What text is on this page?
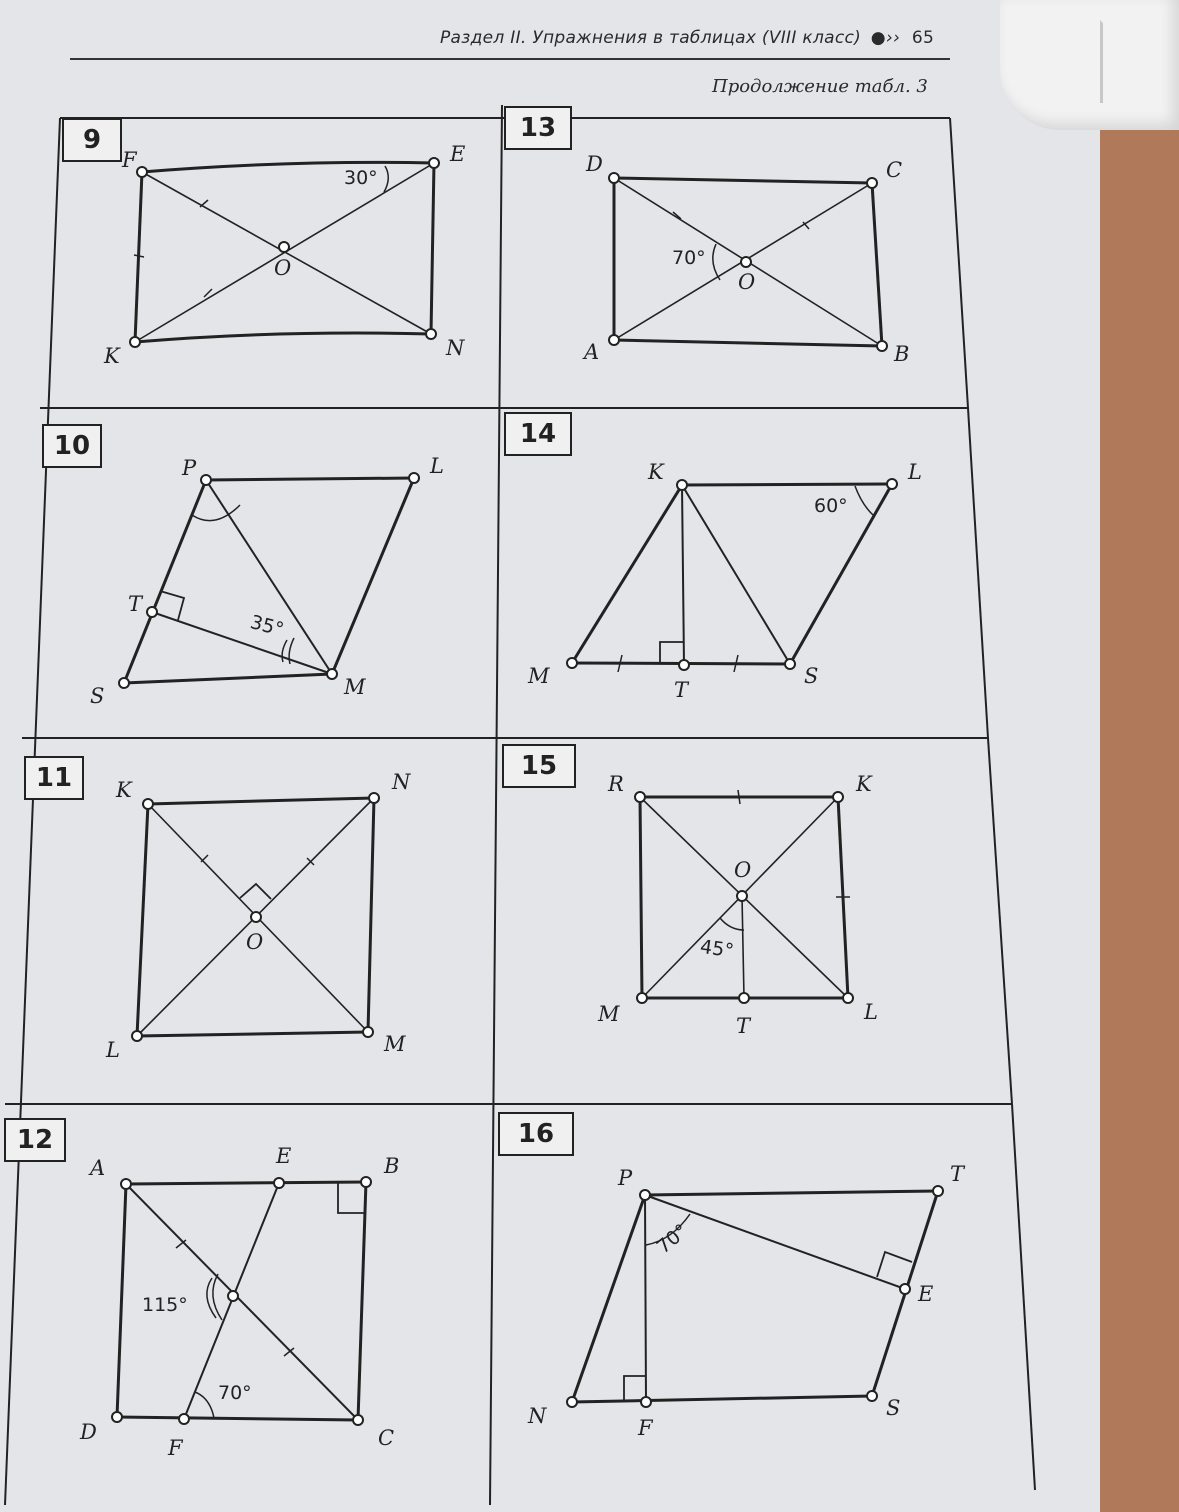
Раздел II. Упражнения в таблицах (VIII класс) ●›› 65
Продолжение табл. 3
9	13
10	14
11	15
12	16
F	E
K	N
O
30°
D	C
A	B
O
70°
P	L
T
S	M
35°
K	L
M
T
S
60°
K	N
O
L	M
R	K
O
M	T
L
45°
A	E	B
D
F	C
115°
70°
P	T
E
N	F
S
70°
